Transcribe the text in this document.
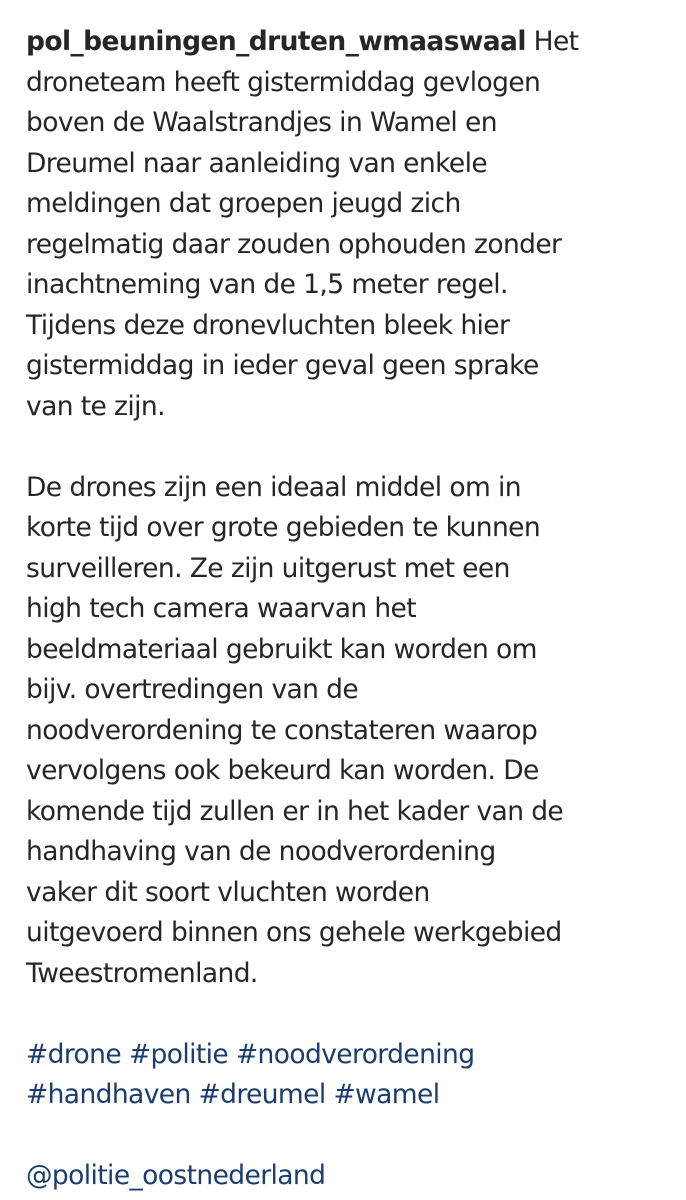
pol_beuningen_druten_wmaaswaal Het
droneteam heeft gistermiddag gevlogen
boven de Waalstrandjes in Wamel en
Dreumel naar aanleiding van enkele
meldingen dat groepen jeugd zich
regelmatig daar zouden ophouden zonder
inachtneming van de 1,5 meter regel.
Tijdens deze dronevluchten bleek hier
gistermiddag in ieder geval geen sprake
van te zijn.
De drones zijn een ideaal middel om in
korte tijd over grote gebieden te kunnen
surveilleren. Ze zijn uitgerust met een
high tech camera waarvan het
beeldmateriaal gebruikt kan worden om
bijv. overtredingen van de
noodverordening te constateren waarop
vervolgens ook bekeurd kan worden. De
komende tijd zullen er in het kader van de
handhaving van de noodverordening
vaker dit soort vluchten worden
uitgevoerd binnen ons gehele werkgebied
Tweestromenland.
#drone #politie #noodverordening
#handhaven #dreumel #wamel
@politie_oostnederland
